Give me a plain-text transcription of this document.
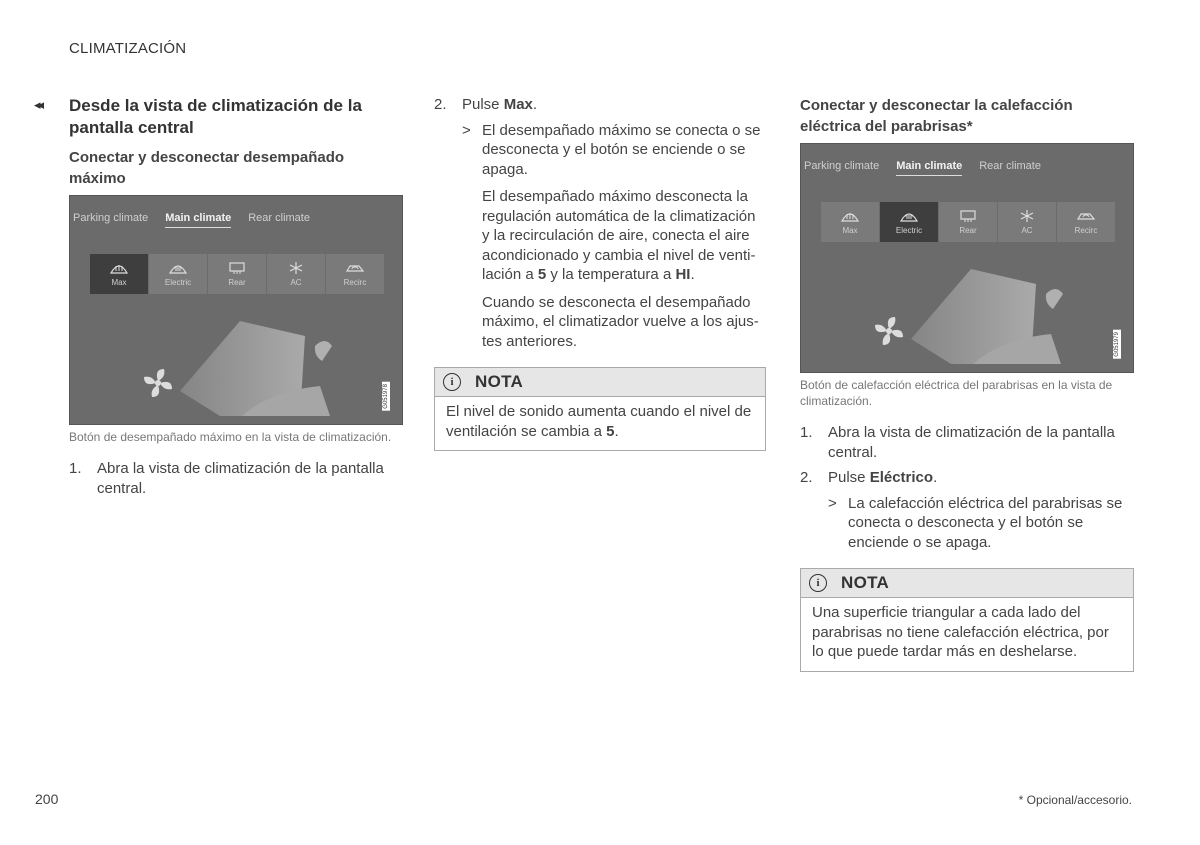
CLIMATIZACIÓN
◂◂ Desde la vista de climatización de la pantalla central
Conectar y desconectar desempañado máximo
Parking climate Main climate Rear climate
Max	Electric	Rear	AC	Recirc
G051978
Botón de desempañado máximo en la vista de climatización.
1.	Abra la vista de climatización de la pantalla central.
2.	Pulse Max.
> El desempañado máximo se conecta o se desconecta y el botón se enciende o se apaga.
El desempañado máximo desconecta la regulación automática de la climatización y la recirculación de aire, conecta el aire acondicionado y cambia el nivel de ventilación a 5 y la temperatura a HI.
Cuando se desconecta el desempañado máximo, el climatizador vuelve a los ajustes anteriores.
i	NOTA
El nivel de sonido aumenta cuando el nivel de ventilación se cambia a 5.
Conectar y desconectar la calefacción eléctrica del parabrisas*
Parking climate Main climate Rear climate
Max	Electric	Rear	AC	Recirc
G051979
Botón de calefacción eléctrica del parabrisas en la vista de climatización.
1.	Abra la vista de climatización de la pantalla central.
2.	Pulse Eléctrico.
> La calefacción eléctrica del parabrisas se conecta o desconecta y el botón se enciende o se apaga.
i	NOTA
Una superficie triangular a cada lado del parabrisas no tiene calefacción eléctrica, por lo que puede tardar más en deshelarse.
200	* Opcional/accesorio.
